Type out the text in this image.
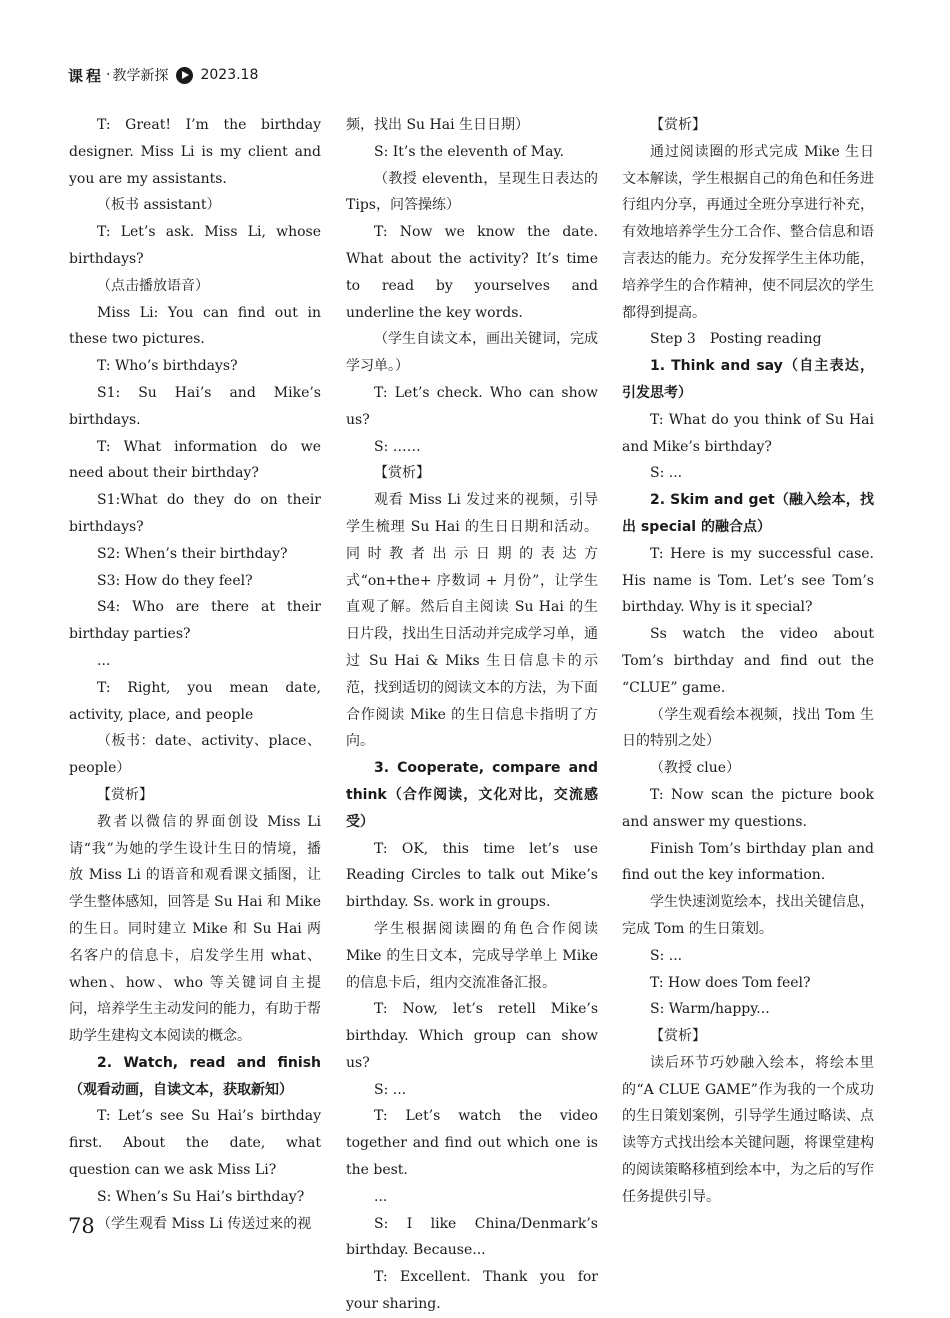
课程 · 教学新探 2023.18

T: Great! I’m the birthday designer. Miss Li is my client and you are my assistants.

（板书 assistant）

T: Let’s ask. Miss Li, whose birthdays?

（点击播放语音）

Miss Li: You can find out in these two pictures.

T: Who’s birthdays?

S1: Su Hai’s and Mike’s birthdays.

T: What information do we need about their birthday?

S1:What do they do on their birthdays?

S2: When’s their birthday?

S3: How do they feel?

S4: Who are there at their birthday parties?

...

T: Right, you mean date, activity, place, and people

（板书：date、activity、place、people）

【赏析】

教者以微信的界面创设 Miss Li 请“我”为她的学生设计生日的情境，播放 Miss Li 的语音和观看课文插图，让学生整体感知，回答是 Su Hai 和 Mike 的生日。同时建立 Mike 和 Su Hai 两名客户的信息卡，启发学生用 what、when、how、who 等关键词自主提问，培养学生主动发问的能力，有助于帮助学生建构文本阅读的概念。

2. Watch, read and finish（观看动画，自读文本，获取新知）

T: Let’s see Su Hai’s birthday first. About the date, what question can we ask Miss Li?

S: When’s Su Hai’s birthday?

（学生观看 Miss Li 传送过来的视

频，找出 Su Hai 生日日期）

S: It’s the eleventh of May.

（教授 eleventh，呈现生日表达的 Tips，问答操练）

T: Now we know the date. What about the activity? It’s time to read by yourselves and underline the key words.

（学生自读文本，画出关键词，完成学习单。）

T: Let’s check. Who can show us?

S: ……

【赏析】

观看 Miss Li 发过来的视频，引导学生梳理 Su Hai 的生日日期和活动。同时教者出示日期的表达方式“on+the+ 序数词 + 月份”，让学生直观了解。然后自主阅读 Su Hai 的生日片段，找出生日活动并完成学习单，通过 Su Hai & Miks 生日信息卡的示范，找到适切的阅读文本的方法，为下面合作阅读 Mike 的生日信息卡指明了方向。

3. Cooperate, compare and think（合作阅读，文化对比，交流感受）

T: OK, this time let’s use Reading Circles to talk out Mike’s birthday. Ss. work in groups.

学生根据阅读圈的角色合作阅读 Mike 的生日文本，完成导学单上 Mike 的信息卡后，组内交流准备汇报。

T: Now, let’s retell Mike’s birthday. Which group can show us?

S: ...

T: Let’s watch the video together and find out which one is the best.

...

S: I like China/Denmark’s birthday. Because...

T: Excellent. Thank you for your sharing.

【赏析】

通过阅读圈的形式完成 Mike 生日文本解读，学生根据自己的角色和任务进行组内分享，再通过全班分享进行补充，有效地培养学生分工合作、整合信息和语言表达的能力。充分发挥学生主体功能，培养学生的合作精神，使不同层次的学生都得到提高。

Step 3　Posting reading

1. Think and say（自主表达，引发思考）

T: What do you think of Su Hai and Mike’s birthday?

S: ...

2. Skim and get（融入绘本，找出 special 的融合点）

T: Here is my successful case. His name is Tom. Let’s see Tom’s birthday. Why is it special?

Ss watch the video about Tom’s birthday and find out the “CLUE” game.

（学生观看绘本视频，找出 Tom 生日的特别之处）

（教授 clue）

T: Now scan the picture book and answer my questions.

Finish Tom’s birthday plan and find out the key information.

学生快速浏览绘本，找出关键信息，完成 Tom 的生日策划。

S: ...

T: How does Tom feel?

S: Warm/happy...

【赏析】

读后环节巧妙融入绘本，将绘本里的“A CLUE GAME”作为我的一个成功的生日策划案例，引导学生通过略读、点读等方式找出绘本关键问题，将课堂建构的阅读策略移植到绘本中，为之后的写作任务提供引导。

78
